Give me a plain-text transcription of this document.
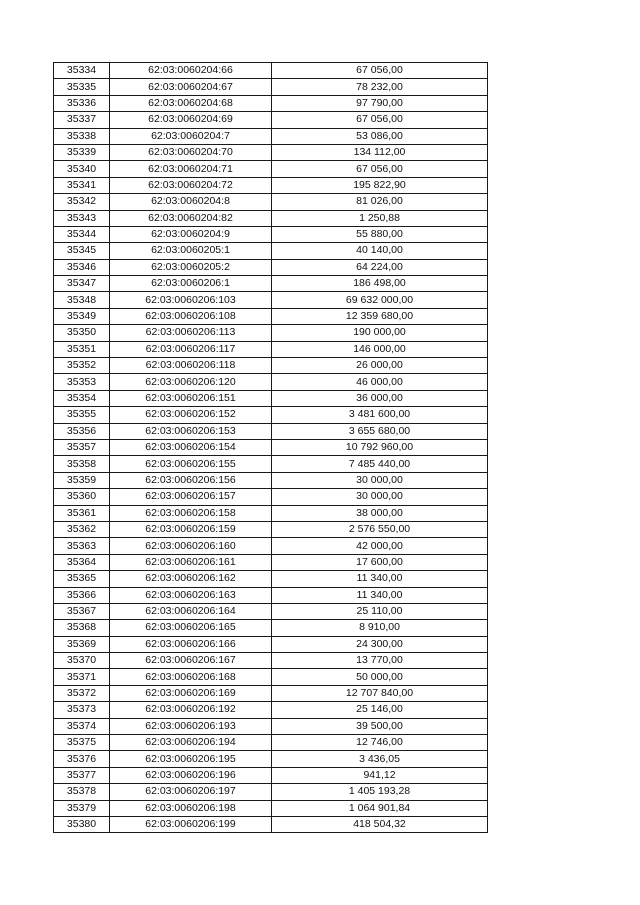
35334	62:03:0060204:66	67 056,00
35335	62:03:0060204:67	78 232,00
35336	62:03:0060204:68	97 790,00
35337	62:03:0060204:69	67 056,00
35338	62:03:0060204:7	53 086,00
35339	62:03:0060204:70	134 112,00
35340	62:03:0060204:71	67 056,00
35341	62:03:0060204:72	195 822,90
35342	62:03:0060204:8	81 026,00
35343	62:03:0060204:82	1 250,88
35344	62:03:0060204:9	55 880,00
35345	62:03:0060205:1	40 140,00
35346	62:03:0060205:2	64 224,00
35347	62:03:0060206:1	186 498,00
35348	62:03:0060206:103	69 632 000,00
35349	62:03:0060206:108	12 359 680,00
35350	62:03:0060206:113	190 000,00
35351	62:03:0060206:117	146 000,00
35352	62:03:0060206:118	26 000,00
35353	62:03:0060206:120	46 000,00
35354	62:03:0060206:151	36 000,00
35355	62:03:0060206:152	3 481 600,00
35356	62:03:0060206:153	3 655 680,00
35357	62:03:0060206:154	10 792 960,00
35358	62:03:0060206:155	7 485 440,00
35359	62:03:0060206:156	30 000,00
35360	62:03:0060206:157	30 000,00
35361	62:03:0060206:158	38 000,00
35362	62:03:0060206:159	2 576 550,00
35363	62:03:0060206:160	42 000,00
35364	62:03:0060206:161	17 600,00
35365	62:03:0060206:162	11 340,00
35366	62:03:0060206:163	11 340,00
35367	62:03:0060206:164	25 110,00
35368	62:03:0060206:165	8 910,00
35369	62:03:0060206:166	24 300,00
35370	62:03:0060206:167	13 770,00
35371	62:03:0060206:168	50 000,00
35372	62:03:0060206:169	12 707 840,00
35373	62:03:0060206:192	25 146,00
35374	62:03:0060206:193	39 500,00
35375	62:03:0060206:194	12 746,00
35376	62:03:0060206:195	3 436,05
35377	62:03:0060206:196	941,12
35378	62:03:0060206:197	1 405 193,28
35379	62:03:0060206:198	1 064 901,84
35380	62:03:0060206:199	418 504,32
